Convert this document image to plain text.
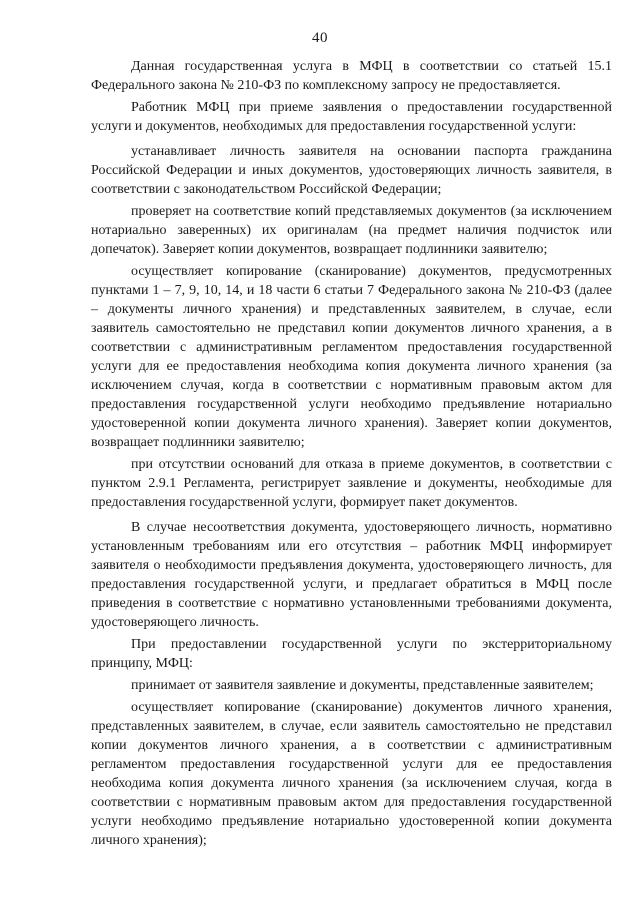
40

Данная государственная услуга в МФЦ в соответствии со статьей 15.1 Федерального закона № 210-ФЗ по комплексному запросу не предоставляется.

Работник МФЦ при приеме заявления о предоставлении государственной услуги и документов, необходимых для предоставления государственной услуги:

устанавливает личность заявителя на основании паспорта гражданина Российской Федерации и иных документов, удостоверяющих личность заявителя, в соответствии с законодательством Российской Федерации;

проверяет на соответствие копий представляемых документов (за исключением нотариально заверенных) их оригиналам (на предмет наличия подчисток или допечаток). Заверяет копии документов, возвращает подлинники заявителю;

осуществляет копирование (сканирование) документов, предусмотренных пунктами 1 – 7, 9, 10, 14, и 18 части 6 статьи 7 Федерального закона № 210-ФЗ (далее – документы личного хранения) и представленных заявителем, в случае, если заявитель самостоятельно не представил копии документов личного хранения, а в соответствии с административным регламентом предоставления государственной услуги для ее предоставления необходима копия документа личного хранения (за исключением случая, когда в соответствии с нормативным правовым актом для предоставления государственной услуги необходимо предъявление нотариально удостоверенной копии документа личного хранения). Заверяет копии документов, возвращает подлинники заявителю;

при отсутствии оснований для отказа в приеме документов, в соответствии с пунктом 2.9.1 Регламента, регистрирует заявление и документы, необходимые для предоставления государственной услуги, формирует пакет документов.

В случае несоответствия документа, удостоверяющего личность, нормативно установленным требованиям или его отсутствия – работник МФЦ информирует заявителя о необходимости предъявления документа, удостоверяющего личность, для предоставления государственной услуги, и предлагает обратиться в МФЦ после приведения в соответствие с нормативно установленными требованиями документа, удостоверяющего личность.

При предоставлении государственной услуги по экстерриториальному принципу, МФЦ:

принимает от заявителя заявление и документы, представленные заявителем;

осуществляет копирование (сканирование) документов личного хранения, представленных заявителем, в случае, если заявитель самостоятельно не представил копии документов личного хранения, а в соответствии с административным регламентом предоставления государственной услуги для ее предоставления необходима копия документа личного хранения (за исключением случая, когда в соответствии с нормативным правовым актом для предоставления государственной услуги необходимо предъявление нотариально удостоверенной копии документа личного хранения);
